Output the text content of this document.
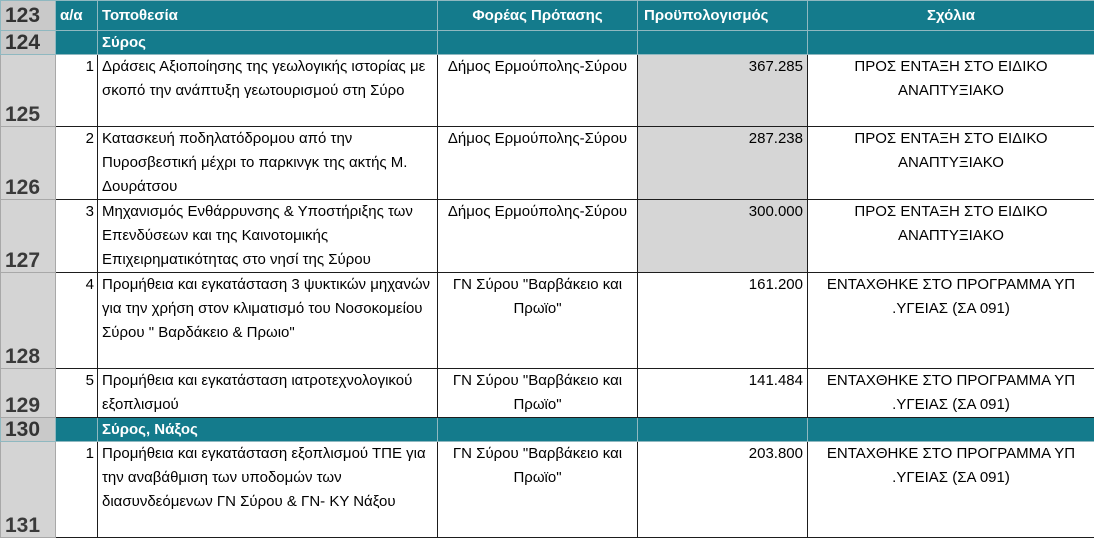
123	α/α	Τοποθεσία	Φορέας Πρότασης	Προϋπολογισμός	Σχόλια
124		Σύρος			
125	1	Δράσεις Αξιοποίησης της γεωλογικής ιστορίας με σκοπό την ανάπτυξη γεωτουρισμού στη Σύρο	Δήμος Ερμούπολης-Σύρου	367.285	ΠΡΟΣ ΕΝΤΑΞΗ ΣΤΟ ΕΙΔΙΚΟ ΑΝΑΠΤΥΞΙΑΚΟ
126	2	Κατασκευή ποδηλατόδρομου από την Πυροσβεστική μέχρι το παρκινγκ της ακτής Μ. Δουράτσου	Δήμος Ερμούπολης-Σύρου	287.238	ΠΡΟΣ ΕΝΤΑΞΗ ΣΤΟ ΕΙΔΙΚΟ ΑΝΑΠΤΥΞΙΑΚΟ
127	3	Μηχανισμός Ενθάρρυνσης & Υποστήριξης των Επενδύσεων και της Καινοτομικής Επιχειρηματικότητας στο νησί της Σύρου	Δήμος Ερμούπολης-Σύρου	300.000	ΠΡΟΣ ΕΝΤΑΞΗ ΣΤΟ ΕΙΔΙΚΟ ΑΝΑΠΤΥΞΙΑΚΟ
128	4	Προμήθεια και εγκατάσταση 3 ψυκτικών μηχανών για την χρήση στον κλιματισμό του Νοσοκομείου Σύρου " Βαρδάκειο & Πρωιο"	ΓΝ Σύρου "Βαρβάκειο και Πρωϊο"	161.200	ΕΝΤΑΧΘΗΚΕ ΣΤΟ ΠΡΟΓΡΑΜΜΑ ΥΠ .ΥΓΕΙΑΣ (ΣΑ 091)
129	5	Προμήθεια και εγκατάσταση ιατροτεχνολογικού εξοπλισμού	ΓΝ Σύρου "Βαρβάκειο και Πρωϊο"	141.484	ΕΝΤΑΧΘΗΚΕ ΣΤΟ ΠΡΟΓΡΑΜΜΑ ΥΠ .ΥΓΕΙΑΣ (ΣΑ 091)
130		Σύρος, Νάξος			
131	1	Προμήθεια και εγκατάσταση εξοπλισμού ΤΠΕ για την αναβάθμιση των υποδομών των διασυνδεόμενων ΓΝ Σύρου & ΓΝ- ΚΥ Νάξου	ΓΝ Σύρου "Βαρβάκειο και Πρωϊο"	203.800	ΕΝΤΑΧΘΗΚΕ ΣΤΟ ΠΡΟΓΡΑΜΜΑ ΥΠ .ΥΓΕΙΑΣ (ΣΑ 091)
